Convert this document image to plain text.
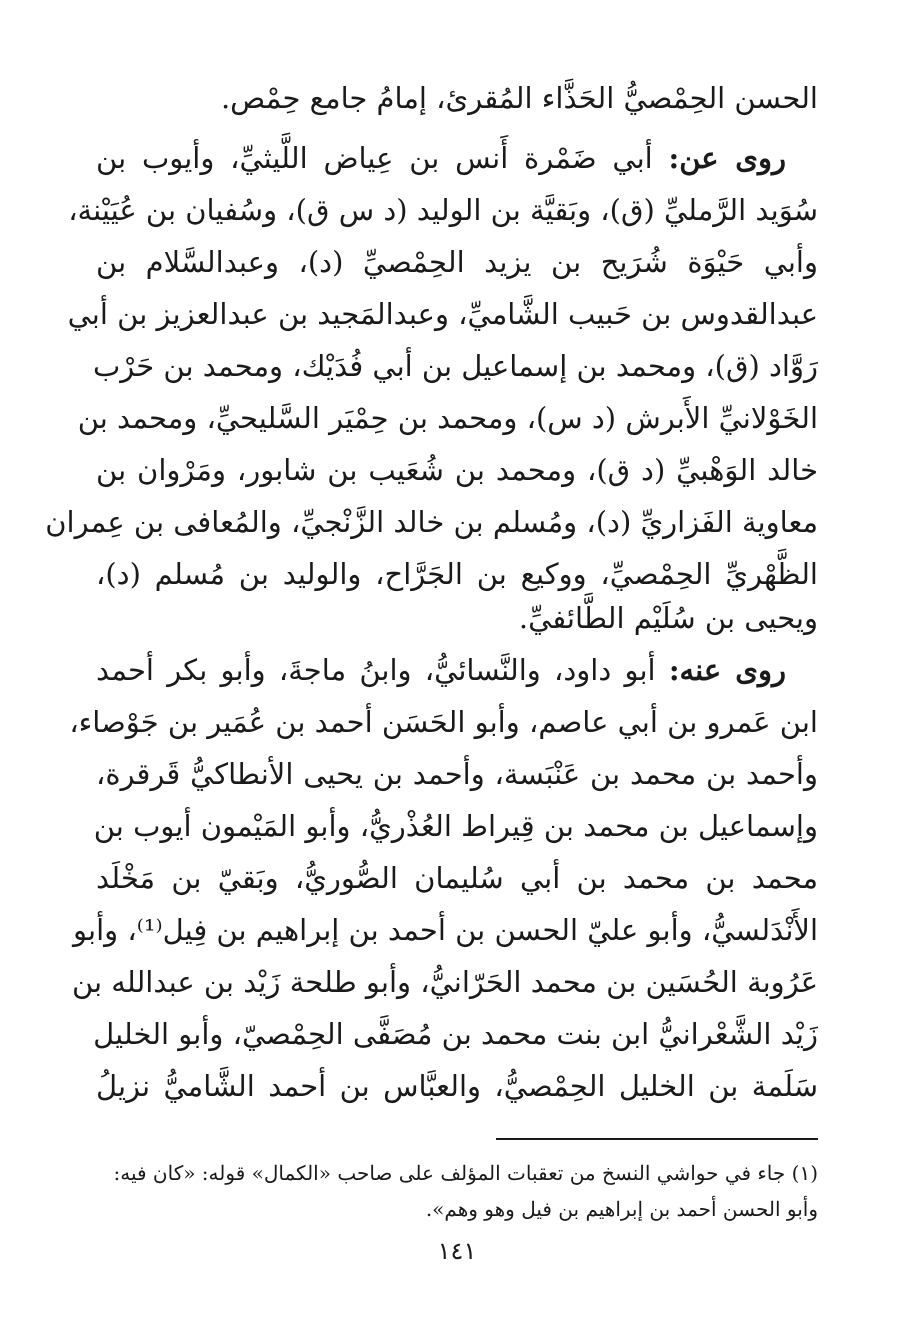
الحسن الحِمْصيُّ الحَذَّاء المُقرئ، إمامُ جامع حِمْص.
روى عن: أبي ضَمْرة أَنس بن عِياض اللَّيثيِّ، وأيوب بن
سُوَيد الرَّمليِّ (ق)، وبَقيَّة بن الوليد (د س ق)، وسُفيان بن عُيَيْنة،
وأبي حَيْوَة شُرَيح بن يزيد الحِمْصيِّ (د)، وعبدالسَّلام بن
عبدالقدوس بن حَبيب الشَّاميِّ، وعبدالمَجيد بن عبدالعزيز بن أبي
رَوَّاد (ق)، ومحمد بن إسماعيل بن أبي فُدَيْك، ومحمد بن حَرْب
الخَوْلانيِّ الأَبرش (د س)، ومحمد بن حِمْيَر السَّليحيِّ، ومحمد بن
خالد الوَهْبيِّ (د ق)، ومحمد بن شُعَيب بن شابور، ومَرْوان بن
معاوية الفَزاريِّ (د)، ومُسلم بن خالد الزَّنْجيِّ، والمُعافى بن عِمران
الظَّهْريِّ الحِمْصيِّ، ووكيع بن الجَرَّاح، والوليد بن مُسلم (د)،
ويحيى بن سُلَيْم الطَّائفيِّ.
روى عنه: أبو داود، والنَّسائيُّ، وابنُ ماجةَ، وأبو بكر أحمد
ابن عَمرو بن أبي عاصم، وأبو الحَسَن أحمد بن عُمَير بن جَوْصاء،
وأحمد بن محمد بن عَنْبَسة، وأحمد بن يحيى الأنطاكيُّ قَرقرة،
وإسماعيل بن محمد بن قِيراط العُذْريُّ، وأبو المَيْمون أيوب بن
محمد بن محمد بن أبي سُليمان الصُّوريُّ، وبَقيّ بن مَخْلَد
الأَنْدَلسيُّ، وأبو عليّ الحسن بن أحمد بن إبراهيم بن فِيل⁽¹⁾، وأبو
عَرُوبة الحُسَين بن محمد الحَرّانيُّ، وأبو طلحة زَيْد بن عبدالله بن
زَيْد الشَّعْرانيُّ ابن بنت محمد بن مُصَفَّى الحِمْصيّ، وأبو الخليل
سَلَمة بن الخليل الحِمْصيُّ، والعبَّاس بن أحمد الشَّاميُّ نزيلُ
(١) جاء في حواشي النسخ من تعقبات المؤلف على صاحب «الكمال» قوله: «كان فيه:
وأبو الحسن أحمد بن إبراهيم بن فيل وهو وهم».
١٤١
